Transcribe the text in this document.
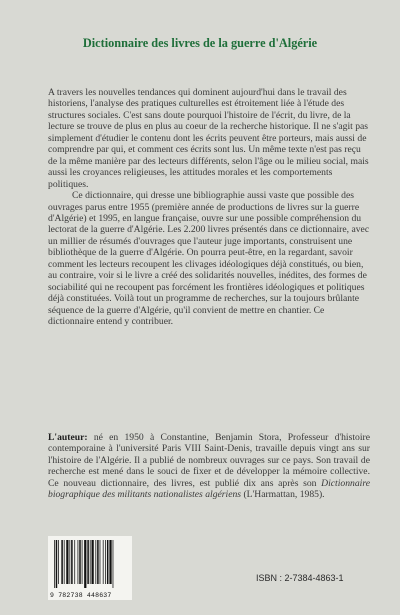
Dictionnaire des livres de la guerre d'Algérie

A travers les nouvelles tendances qui dominent aujourd'hui dans le travail des historiens, l'analyse des pratiques culturelles est étroitement liée à l'étude des structures sociales. C'est sans doute pourquoi l'histoire de l'écrit, du livre, de la lecture se trouve de plus en plus au coeur de la recherche historique. Il ne s'agit pas simplement d'étudier le contenu dont les écrits peuvent être porteurs, mais aussi de comprendre par qui, et comment ces écrits sont lus. Un même texte n'est pas reçu de la même manière par des lecteurs différents, selon l'âge ou le milieu social, mais aussi les croyances religieuses, les attitudes morales et les comportements politiques.

Ce dictionnaire, qui dresse une bibliographie aussi vaste que possible des ouvrages parus entre 1955 (première année de productions de livres sur la guerre d'Algérie) et 1995, en langue française, ouvre sur une possible compréhension du lectorat de la guerre d'Algérie. Les 2.200 livres présentés dans ce dictionnaire, avec un millier de résumés d'ouvrages que l'auteur juge importants, construisent une bibliothèque de la guerre d'Algérie. On pourra peut-être, en la regardant, savoir comment les lecteurs recoupent les clivages idéologiques déjà constitués, ou bien, au contraire, voir si le livre a créé des solidarités nouvelles, inédites, des formes de sociabilité qui ne recoupent pas forcément les frontières idéologiques et politiques déjà constituées. Voilà tout un programme de recherches, sur la toujours brûlante séquence de la guerre d'Algérie, qu'il convient de mettre en chantier. Ce dictionnaire entend y contribuer.

L'auteur: né en 1950 à Constantine, Benjamin Stora, Professeur d'histoire contemporaine à l'université Paris VIII Saint-Denis, travaille depuis vingt ans sur l'histoire de l'Algérie. Il a publié de nombreux ouvrages sur ce pays. Son travail de recherche est mené dans le souci de fixer et de développer la mémoire collective. Ce nouveau dictionnaire, des livres, est publié dix ans après son Dictionnaire biographique des militants nationalistes algériens (L'Harmattan, 1985).
9 782738 448637
ISBN : 2-7384-4863-1
